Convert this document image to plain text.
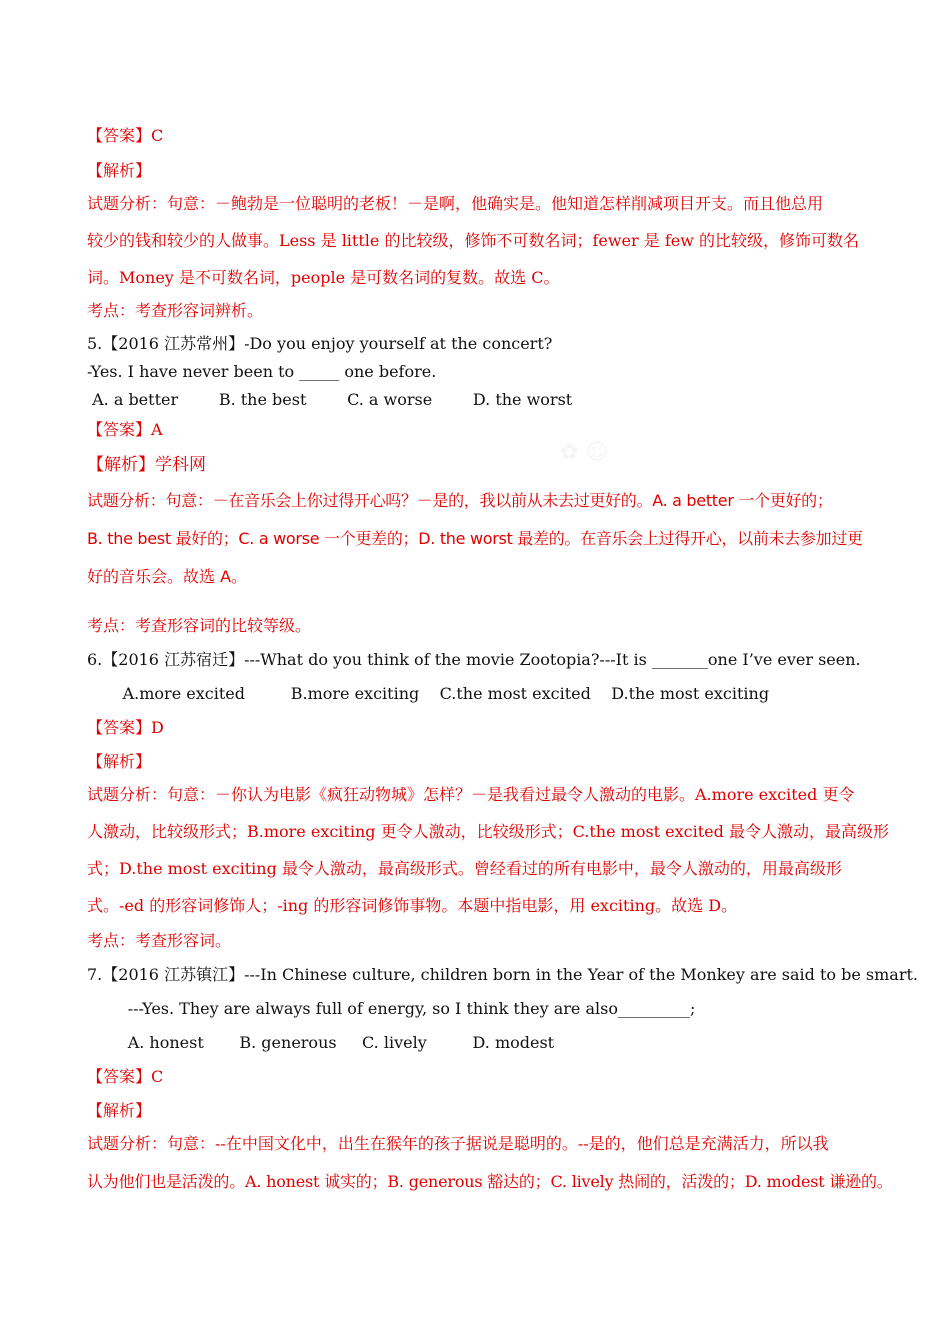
✿ ☺
【答案】C
【解析】
试题分析：句意：－鲍勃是一位聪明的老板！－是啊，他确实是。他知道怎样削减项目开支。而且他总用
较少的钱和较少的人做事。Less 是 little 的比较级，修饰不可数名词；fewer 是 few 的比较级，修饰可数名
词。Money 是不可数名词，people 是可数名词的复数。故选 C。
考点：考查形容词辨析。
5.【2016 江苏常州】-Do you enjoy yourself at the concert?
-Yes. I have never been to _____ one before.
A. a better        B. the best        C. a worse        D. the worst
【答案】A
【解析】学科网
试题分析：句意：－在音乐会上你过得开心吗？－是的，我以前从未去过更好的。A. a better 一个更好的；
B. the best 最好的；C. a worse 一个更差的；D. the worst 最差的。在音乐会上过得开心，以前未去参加过更
好的音乐会。故选 A。
考点：考查形容词的比较等级。
6.【2016 江苏宿迁】---What do you think of the movie Zootopia?---It is _______one I’ve ever seen.
A.more excited         B.more exciting    C.the most excited    D.the most exciting
【答案】D
【解析】
试题分析：句意：－你认为电影《疯狂动物城》怎样？－是我看过最令人激动的电影。A.more excited 更令
人激动，比较级形式；B.more exciting 更令人激动，比较级形式；C.the most excited 最令人激动，最高级形
式；D.the most exciting 最令人激动，最高级形式。曾经看过的所有电影中，最令人激动的，用最高级形
式。-ed 的形容词修饰人；-ing 的形容词修饰事物。本题中指电影，用 exciting。故选 D。
考点：考查形容词。
7.【2016 江苏镇江】---In Chinese culture, children born in the Year of the Monkey are said to be smart.
---Yes. They are always full of energy, so I think they are also_________;
A. honest       B. generous     C. lively         D. modest
【答案】C
【解析】
试题分析：句意：--在中国文化中，出生在猴年的孩子据说是聪明的。--是的，他们总是充满活力，所以我
认为他们也是活泼的。A. honest 诚实的；B. generous 豁达的；C. lively 热闹的，活泼的；D. modest 谦逊的。
